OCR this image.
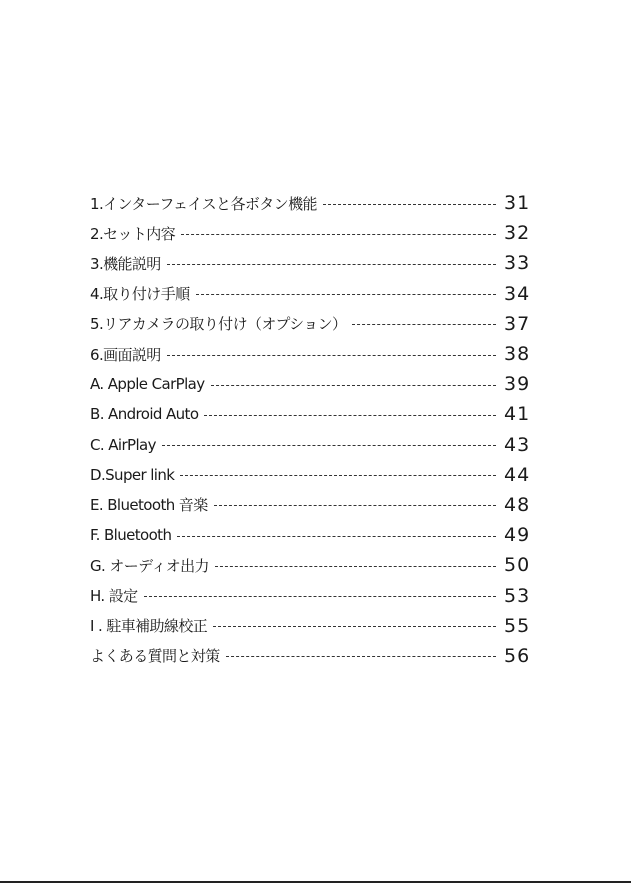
1.インターフェイスと各ボタン機能	31
2.セット内容	32
3.機能説明	33
4.取り付け手順	34
5.リアカメラの取り付け（オプション）	37
6.画面説明	38
A. Apple CarPlay	39
B. Android Auto	41
C. AirPlay	43
D.Super link	44
E. Bluetooth 音楽	48
F. Bluetooth	49
G. オーディオ出力	50
H. 設定	53
I . 駐車補助線校正	55
よくある質問と対策	56
